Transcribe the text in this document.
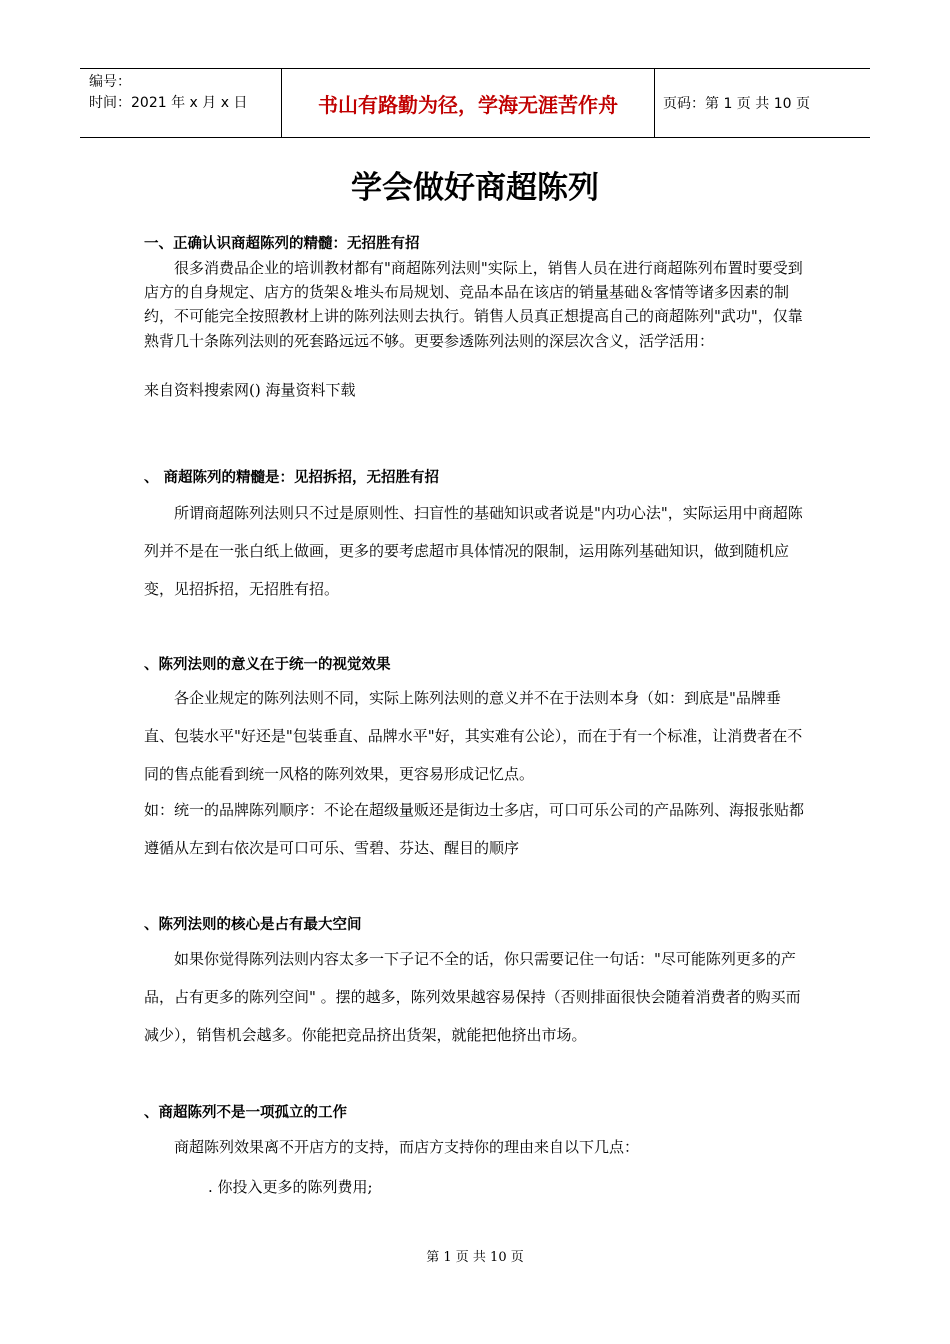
编号：
时间：2021 年 x 月 x 日	书山有路勤为径，学海无涯苦作舟	页码：第 1 页 共 10 页
学会做好商超陈列
一、正确认识商超陈列的精髓：无招胜有招
很多消费品企业的培训教材都有"商超陈列法则"实际上，销售人员在进行商超陈列布置时要受到店方的自身规定、店方的货架＆堆头布局规划、竞品本品在该店的销量基础＆客情等诸多因素的制约，不可能完全按照教材上讲的陈列法则去执行。销售人员真正想提高自己的商超陈列"武功"，仅靠熟背几十条陈列法则的死套路远远不够。更要参透陈列法则的深层次含义，活学活用：
来自资料搜索网() 海量资料下载
、 商超陈列的精髓是：见招拆招，无招胜有招
所谓商超陈列法则只不过是原则性、扫盲性的基础知识或者说是"内功心法"，实际运用中商超陈列并不是在一张白纸上做画，更多的要考虑超市具体情况的限制，运用陈列基础知识，做到随机应变，见招拆招，无招胜有招。
、陈列法则的意义在于统一的视觉效果
各企业规定的陈列法则不同，实际上陈列法则的意义并不在于法则本身（如：到底是"品牌垂直、包装水平"好还是"包装垂直、品牌水平"好，其实难有公论），而在于有一个标准，让消费者在不同的售点能看到统一风格的陈列效果，更容易形成记忆点。
如：统一的品牌陈列顺序：不论在超级量贩还是街边士多店，可口可乐公司的产品陈列、海报张贴都遵循从左到右依次是可口可乐、雪碧、芬达、醒目的顺序
、陈列法则的核心是占有最大空间
如果你觉得陈列法则内容太多一下子记不全的话，你只需要记住一句话："尽可能陈列更多的产品，占有更多的陈列空间" 。摆的越多，陈列效果越容易保持（否则排面很快会随着消费者的购买而减少），销售机会越多。你能把竞品挤出货架，就能把他挤出市场。
、商超陈列不是一项孤立的工作
商超陈列效果离不开店方的支持，而店方支持你的理由来自以下几点：
. 你投入更多的陈列费用;
第 1 页 共 10 页
